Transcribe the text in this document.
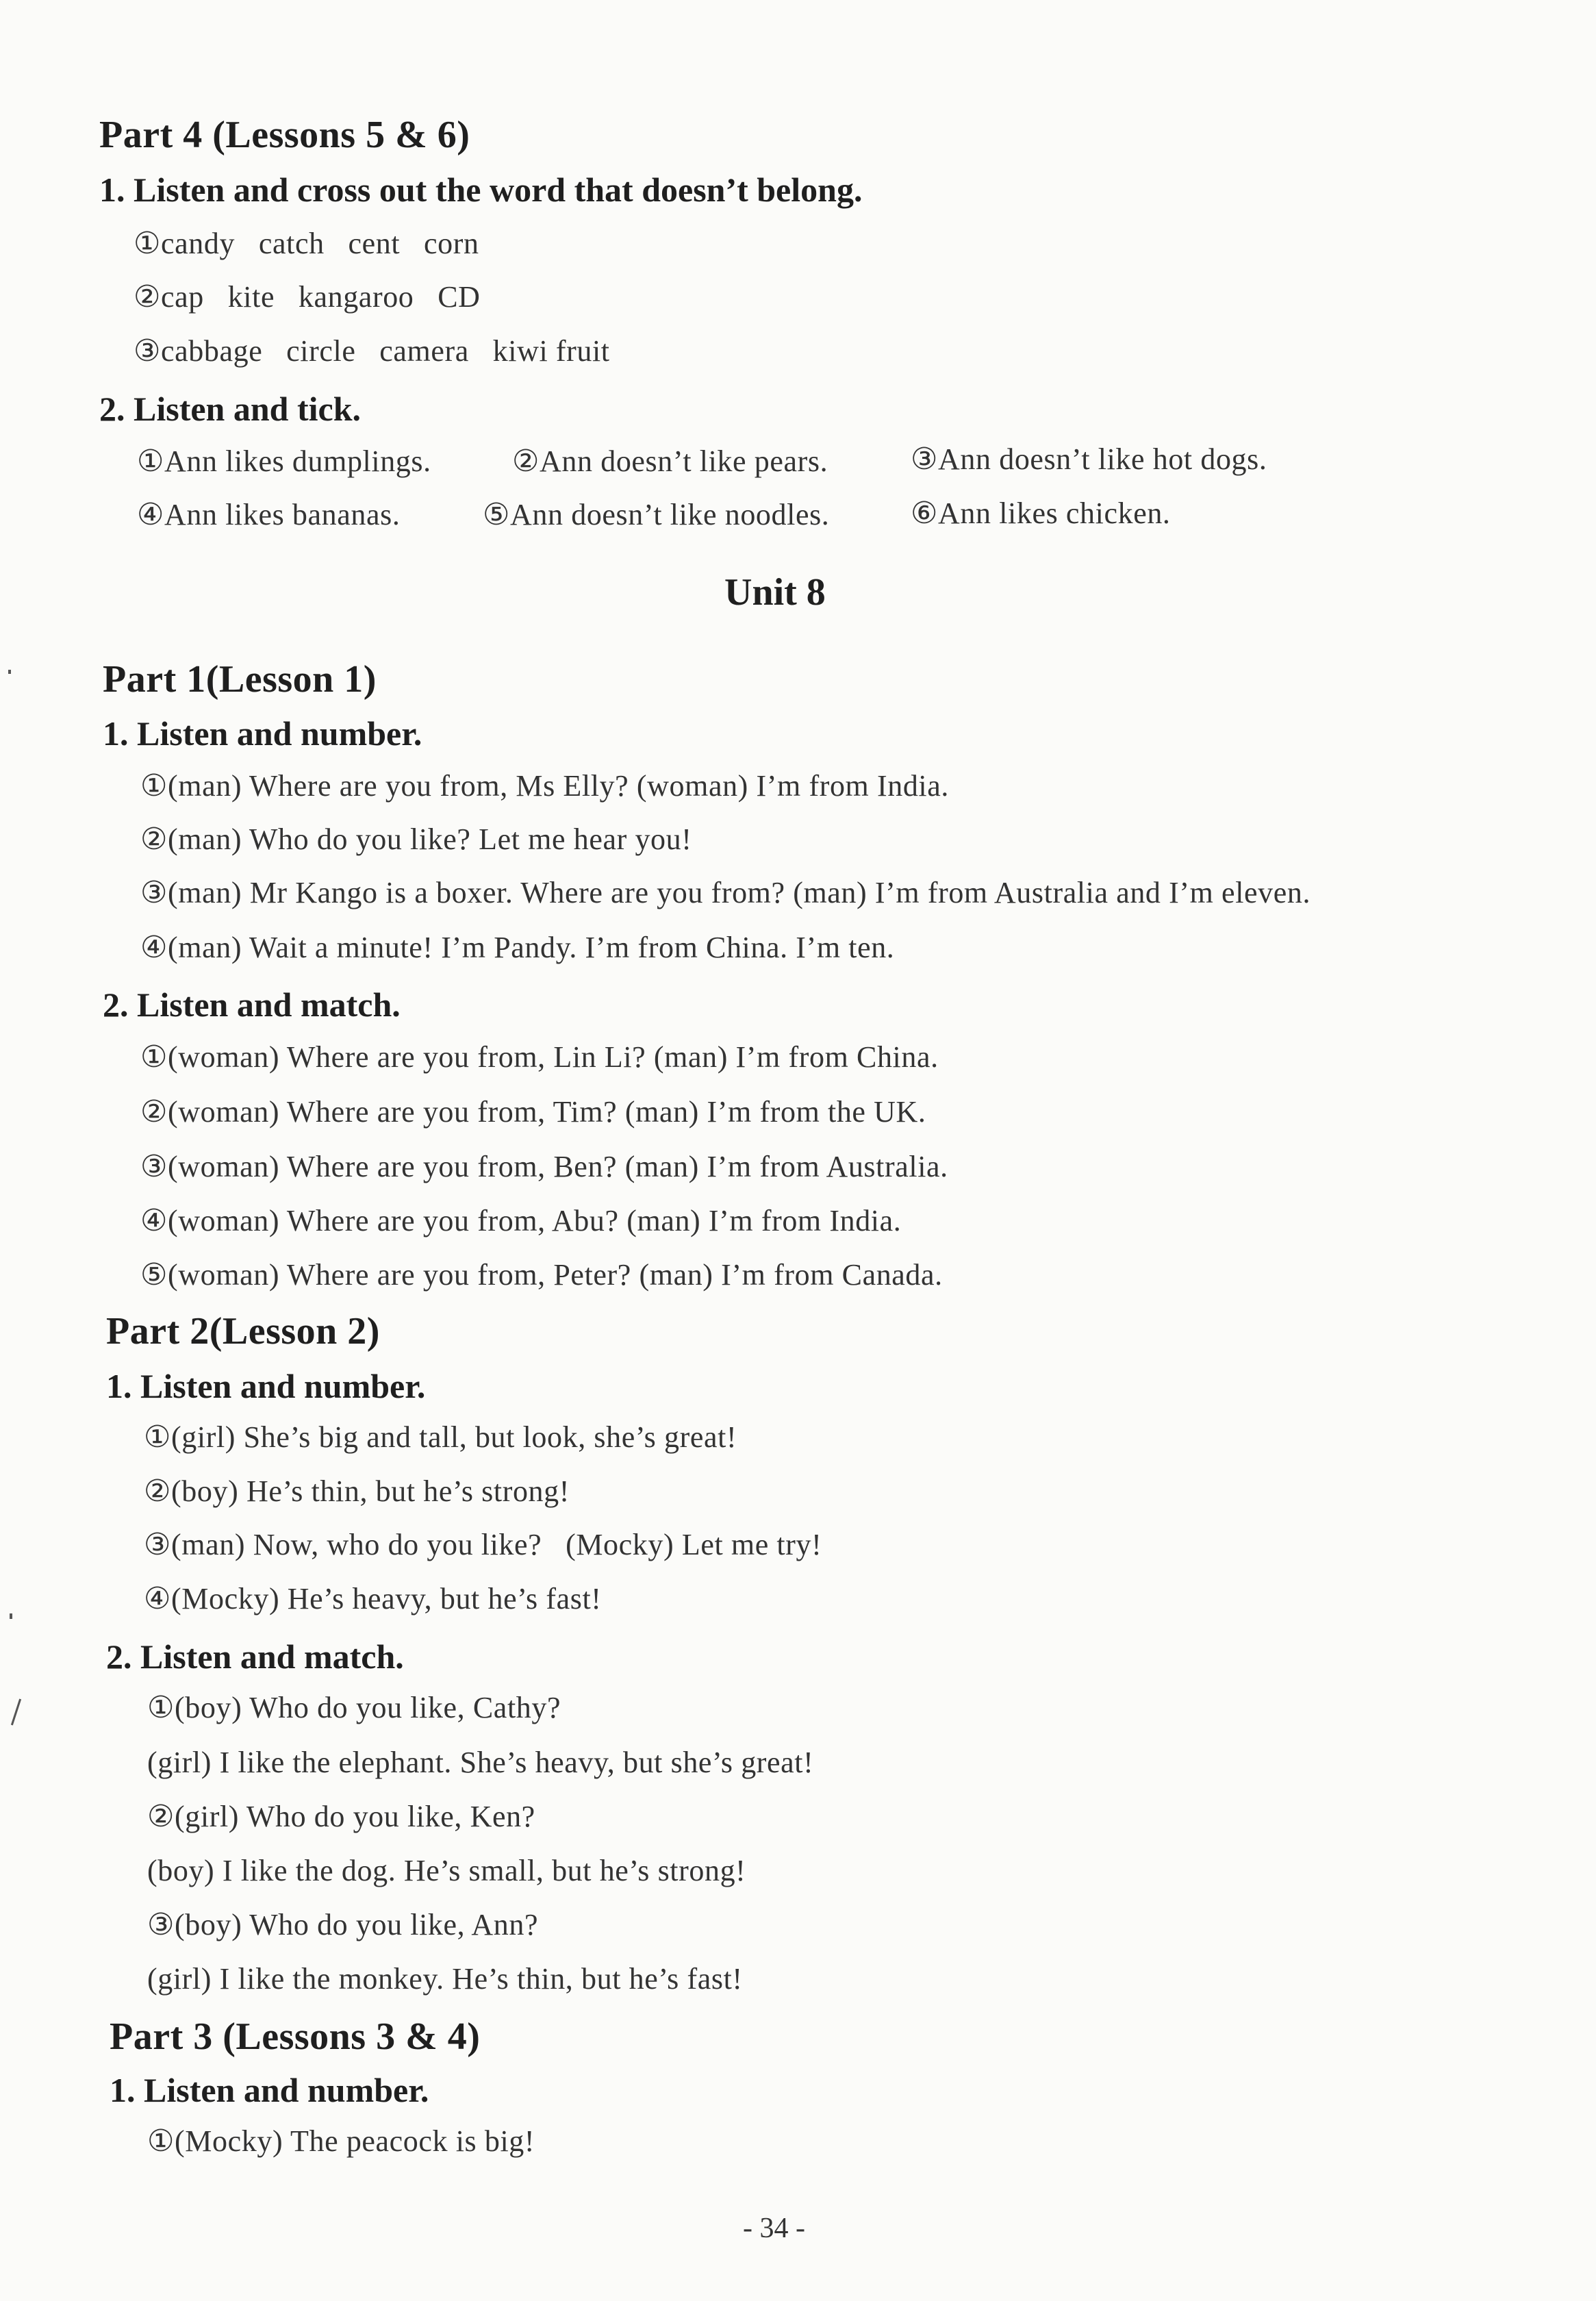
Part 4 (Lessons 5 & 6)
1. Listen and cross out the word that doesn’t belong.
①candy   catch   cent   corn
②cap   kite   kangaroo   CD
③cabbage   circle   camera   kiwi fruit
2. Listen and tick.
①Ann likes dumplings.	②Ann doesn’t like pears.	③Ann doesn’t like hot dogs.
④Ann likes bananas.	⑤Ann doesn’t like noodles.	⑥Ann likes chicken.
Unit 8
Part 1(Lesson 1)
1. Listen and number.
①(man) Where are you from, Ms Elly? (woman) I’m from India.
②(man) Who do you like? Let me hear you!
③(man) Mr Kango is a boxer. Where are you from? (man) I’m from Australia and I’m eleven.
④(man) Wait a minute! I’m Pandy. I’m from China. I’m ten.
2. Listen and match.
①(woman) Where are you from, Lin Li? (man) I’m from China.
②(woman) Where are you from, Tim? (man) I’m from the UK.
③(woman) Where are you from, Ben? (man) I’m from Australia.
④(woman) Where are you from, Abu? (man) I’m from India.
⑤(woman) Where are you from, Peter? (man) I’m from Canada.
Part 2(Lesson 2)
1. Listen and number.
①(girl) She’s big and tall, but look, she’s great!
②(boy) He’s thin, but he’s strong!
③(man) Now, who do you like?   (Mocky) Let me try!
④(Mocky) He’s heavy, but he’s fast!
2. Listen and match.
①(boy) Who do you like, Cathy?
(girl) I like the elephant. She’s heavy, but she’s great!
②(girl) Who do you like, Ken?
(boy) I like the dog. He’s small, but he’s strong!
③(boy) Who do you like, Ann?
(girl) I like the monkey. He’s thin, but he’s fast!
Part 3 (Lessons 3 & 4)
1. Listen and number.
①(Mocky) The peacock is big!
- 34 -
